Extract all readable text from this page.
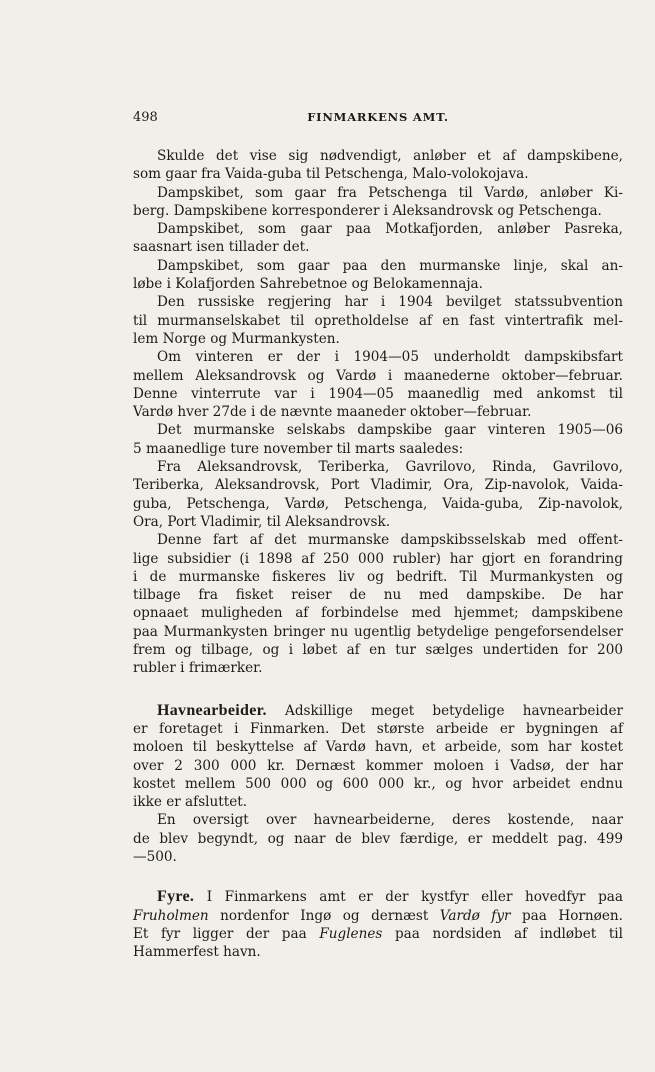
498	FINMARKENS AMT.
Skulde det vise sig nødvendigt, anløber et af dampskibene,
som gaar fra Vaida-guba til Petschenga, Malo-volokojava.
Dampskibet, som gaar fra Petschenga til Vardø, anløber Ki-
berg. Dampskibene korresponderer i Aleksandrovsk og Petschenga.
Dampskibet, som gaar paa Motkafjorden, anløber Pasreka,
saasnart isen tillader det.
Dampskibet, som gaar paa den murmanske linje, skal an-
løbe i Kolafjorden Sahrebetnoe og Belokamennaja.
Den russiske regjering har i 1904 bevilget statssubvention
til murmanselskabet til opretholdelse af en fast vintertrafik mel-
lem Norge og Murmankysten.
Om vinteren er der i 1904—05 underholdt dampskibsfart
mellem Aleksandrovsk og Vardø i maanederne oktober—februar.
Denne vinterrute var i 1904—05 maanedlig med ankomst til
Vardø hver 27de i de nævnte maaneder oktober—februar.
Det murmanske selskabs dampskibe gaar vinteren 1905—06
5 maanedlige ture november til marts saaledes:
Fra Aleksandrovsk, Teriberka, Gavrilovo, Rinda, Gavrilovo,
Teriberka, Aleksandrovsk, Port Vladimir, Ora, Zip-navolok, Vaida-
guba, Petschenga, Vardø, Petschenga, Vaida-guba, Zip-navolok,
Ora, Port Vladimir, til Aleksandrovsk.
Denne fart af det murmanske dampskibsselskab med offent-
lige subsidier (i 1898 af 250 000 rubler) har gjort en forandring
i de murmanske fiskeres liv og bedrift. Til Murmankysten og
tilbage fra fisket reiser de nu med dampskibe. De har
opnaaet muligheden af forbindelse med hjemmet; dampskibene
paa Murmankysten bringer nu ugentlig betydelige pengeforsendelser
frem og tilbage, og i løbet af en tur sælges undertiden for 200
rubler i frimærker.
Havnearbeider. Adskillige meget betydelige havnearbeider
er foretaget i Finmarken. Det største arbeide er bygningen af
moloen til beskyttelse af Vardø havn, et arbeide, som har kostet
over 2 300 000 kr. Dernæst kommer moloen i Vadsø, der har
kostet mellem 500 000 og 600 000 kr., og hvor arbeidet endnu
ikke er afsluttet.
En oversigt over havnearbeiderne, deres kostende, naar
de blev begyndt, og naar de blev færdige, er meddelt pag. 499
—500.
Fyre. I Finmarkens amt er der kystfyr eller hovedfyr paa
Fruholmen nordenfor Ingø og dernæst Vardø fyr paa Hornøen.
Et fyr ligger der paa Fuglenes paa nordsiden af indløbet til
Hammerfest havn.
